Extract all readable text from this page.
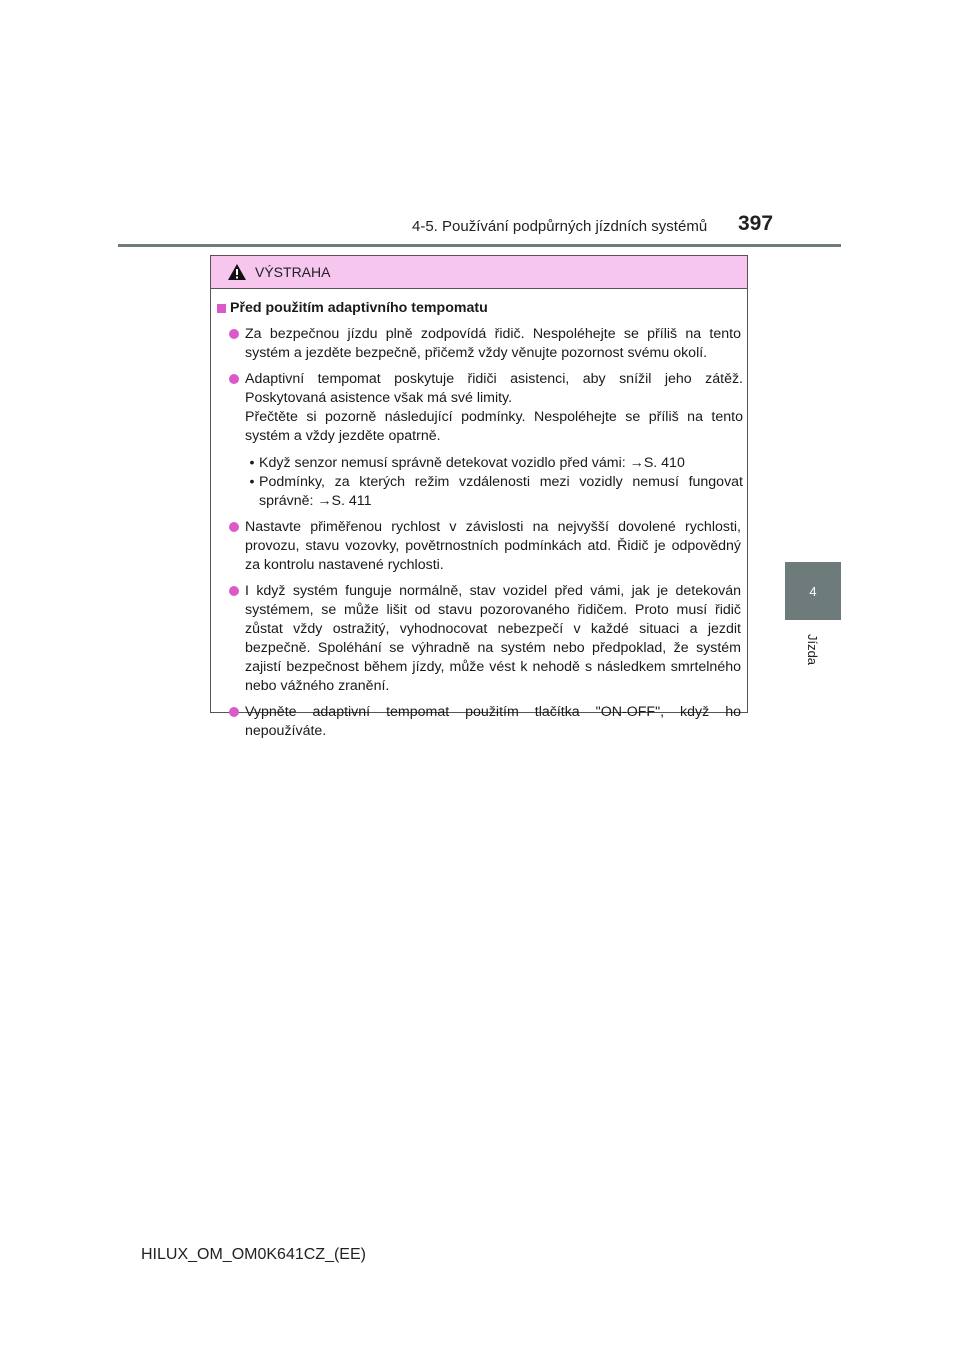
4-5. Používání podpůrných jízdních systémů 397
4
Jízda
VÝSTRAHA
Před použitím adaptivního tempomatu
Za bezpečnou jízdu plně zodpovídá řidič. Nespoléhejte se příliš na tento systém a jezděte bezpečně, přičemž vždy věnujte pozornost svému okolí.
Adaptivní tempomat poskytuje řidiči asistenci, aby snížil jeho zátěž. Poskytovaná asistence však má své limity.
Přečtěte si pozorně následující podmínky. Nespoléhejte se příliš na tento systém a vždy jezděte opatrně.
• Když senzor nemusí správně detekovat vozidlo před vámi: →S. 410
• Podmínky, za kterých režim vzdálenosti mezi vozidly nemusí fungovat správně: →S. 411
Nastavte přiměřenou rychlost v závislosti na nejvyšší dovolené rychlosti, provozu, stavu vozovky, povětrnostních podmínkách atd. Řidič je odpovědný za kontrolu nastavené rychlosti.
I když systém funguje normálně, stav vozidel před vámi, jak je detekován systémem, se může lišit od stavu pozorovaného řidičem. Proto musí řidič zůstat vždy ostražitý, vyhodnocovat nebezpečí v každé situaci a jezdit bezpečně. Spoléhání se výhradně na systém nebo předpoklad, že systém zajistí bezpečnost během jízdy, může vést k nehodě s následkem smrtelného nebo vážného zranění.
Vypněte adaptivní tempomat použitím tlačítka "ON-OFF", když ho nepoužíváte.
HILUX_OM_OM0K641CZ_(EE)
